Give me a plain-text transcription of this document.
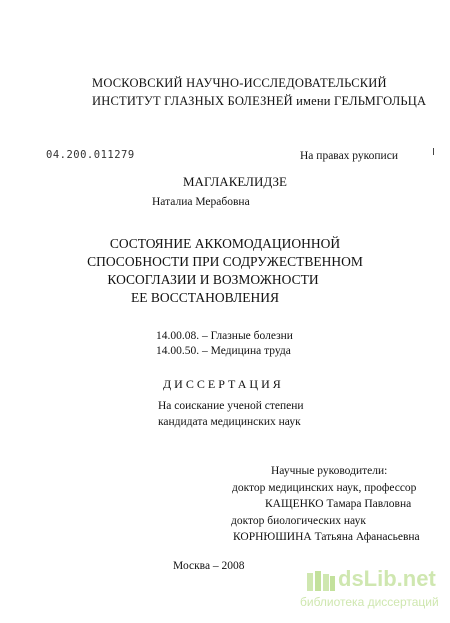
МОСКОВСКИЙ НАУЧНО-ИССЛЕДОВАТЕЛЬСКИЙ
ИНСТИТУТ ГЛАЗНЫХ БОЛЕЗНЕЙ имени ГЕЛЬМГОЛЬЦА
04.200.011279	На правах рукописи
МАГЛАКЕЛИДЗЕ
Наталиа Мерабовна
СОСТОЯНИЕ АККОМОДАЦИОННОЙ
СПОСОБНОСТИ ПРИ СОДРУЖЕСТВЕННОМ
КОСОГЛАЗИИ И ВОЗМОЖНОСТИ
ЕЕ ВОССТАНОВЛЕНИЯ
14.00.08. – Глазные болезни
14.00.50. – Медицина труда
ДИССЕРТАЦИЯ
На соискание ученой степени
кандидата медицинских наук
Научные руководители:
доктор медицинских наук, профессор
КАЩЕНКО Тамара Павловна
доктор биологических наук
КОРНЮШИНА Татьяна Афанасьевна
Москва – 2008	dsLib.net
библиотека диссертаций
